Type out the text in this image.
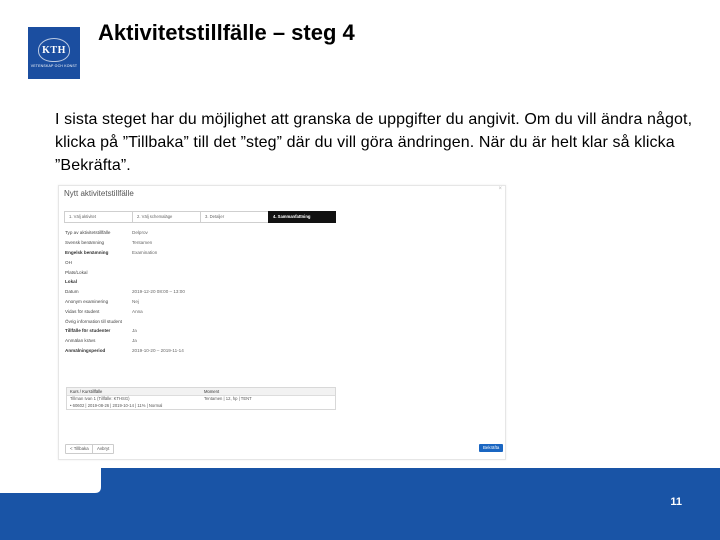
KTH
VETENSKAP OCH KONST
Aktivitetstillfälle – steg 4

I sista steget har du möjlighet att granska de uppgifter du angivit. Om du vill ändra något, klicka på ”Tillbaka” till det ”steg” där du vill göra ändringen. När du är helt klar så klicka ”Bekräfta”.

Nytt aktivitetstillfälle	×
1. Välj aktivitet	2. Välj schemaläge	3. Detaljer	4. Sammanfattning
Typ av aktivitetstillfälle	Delprov
Svensk benämning	Tentamen
Engelsk benämning	Examination
OH
Plats/Lokal
Lokal
Datum	2019-12-20 08:00 – 13:00
Anonym examinering	Nej
Vidas för student	Anna
Övrig information till student
Tillfälle för studenter	Ja
Anmälan krävs	Ja
Anmälningsperiod	2019-10-20 – 2019-11-14
Kurs / Kurstillfälle	Moment
Tillman Ivan 1 (Tillfälle: KTHSG)	Tentamen | 12, hp | TENT
• 60602 | 2019-08-26 | 2019-10-14 | 11% | Normal
< Tillbaka	Avbryt	Bekräfta
11
